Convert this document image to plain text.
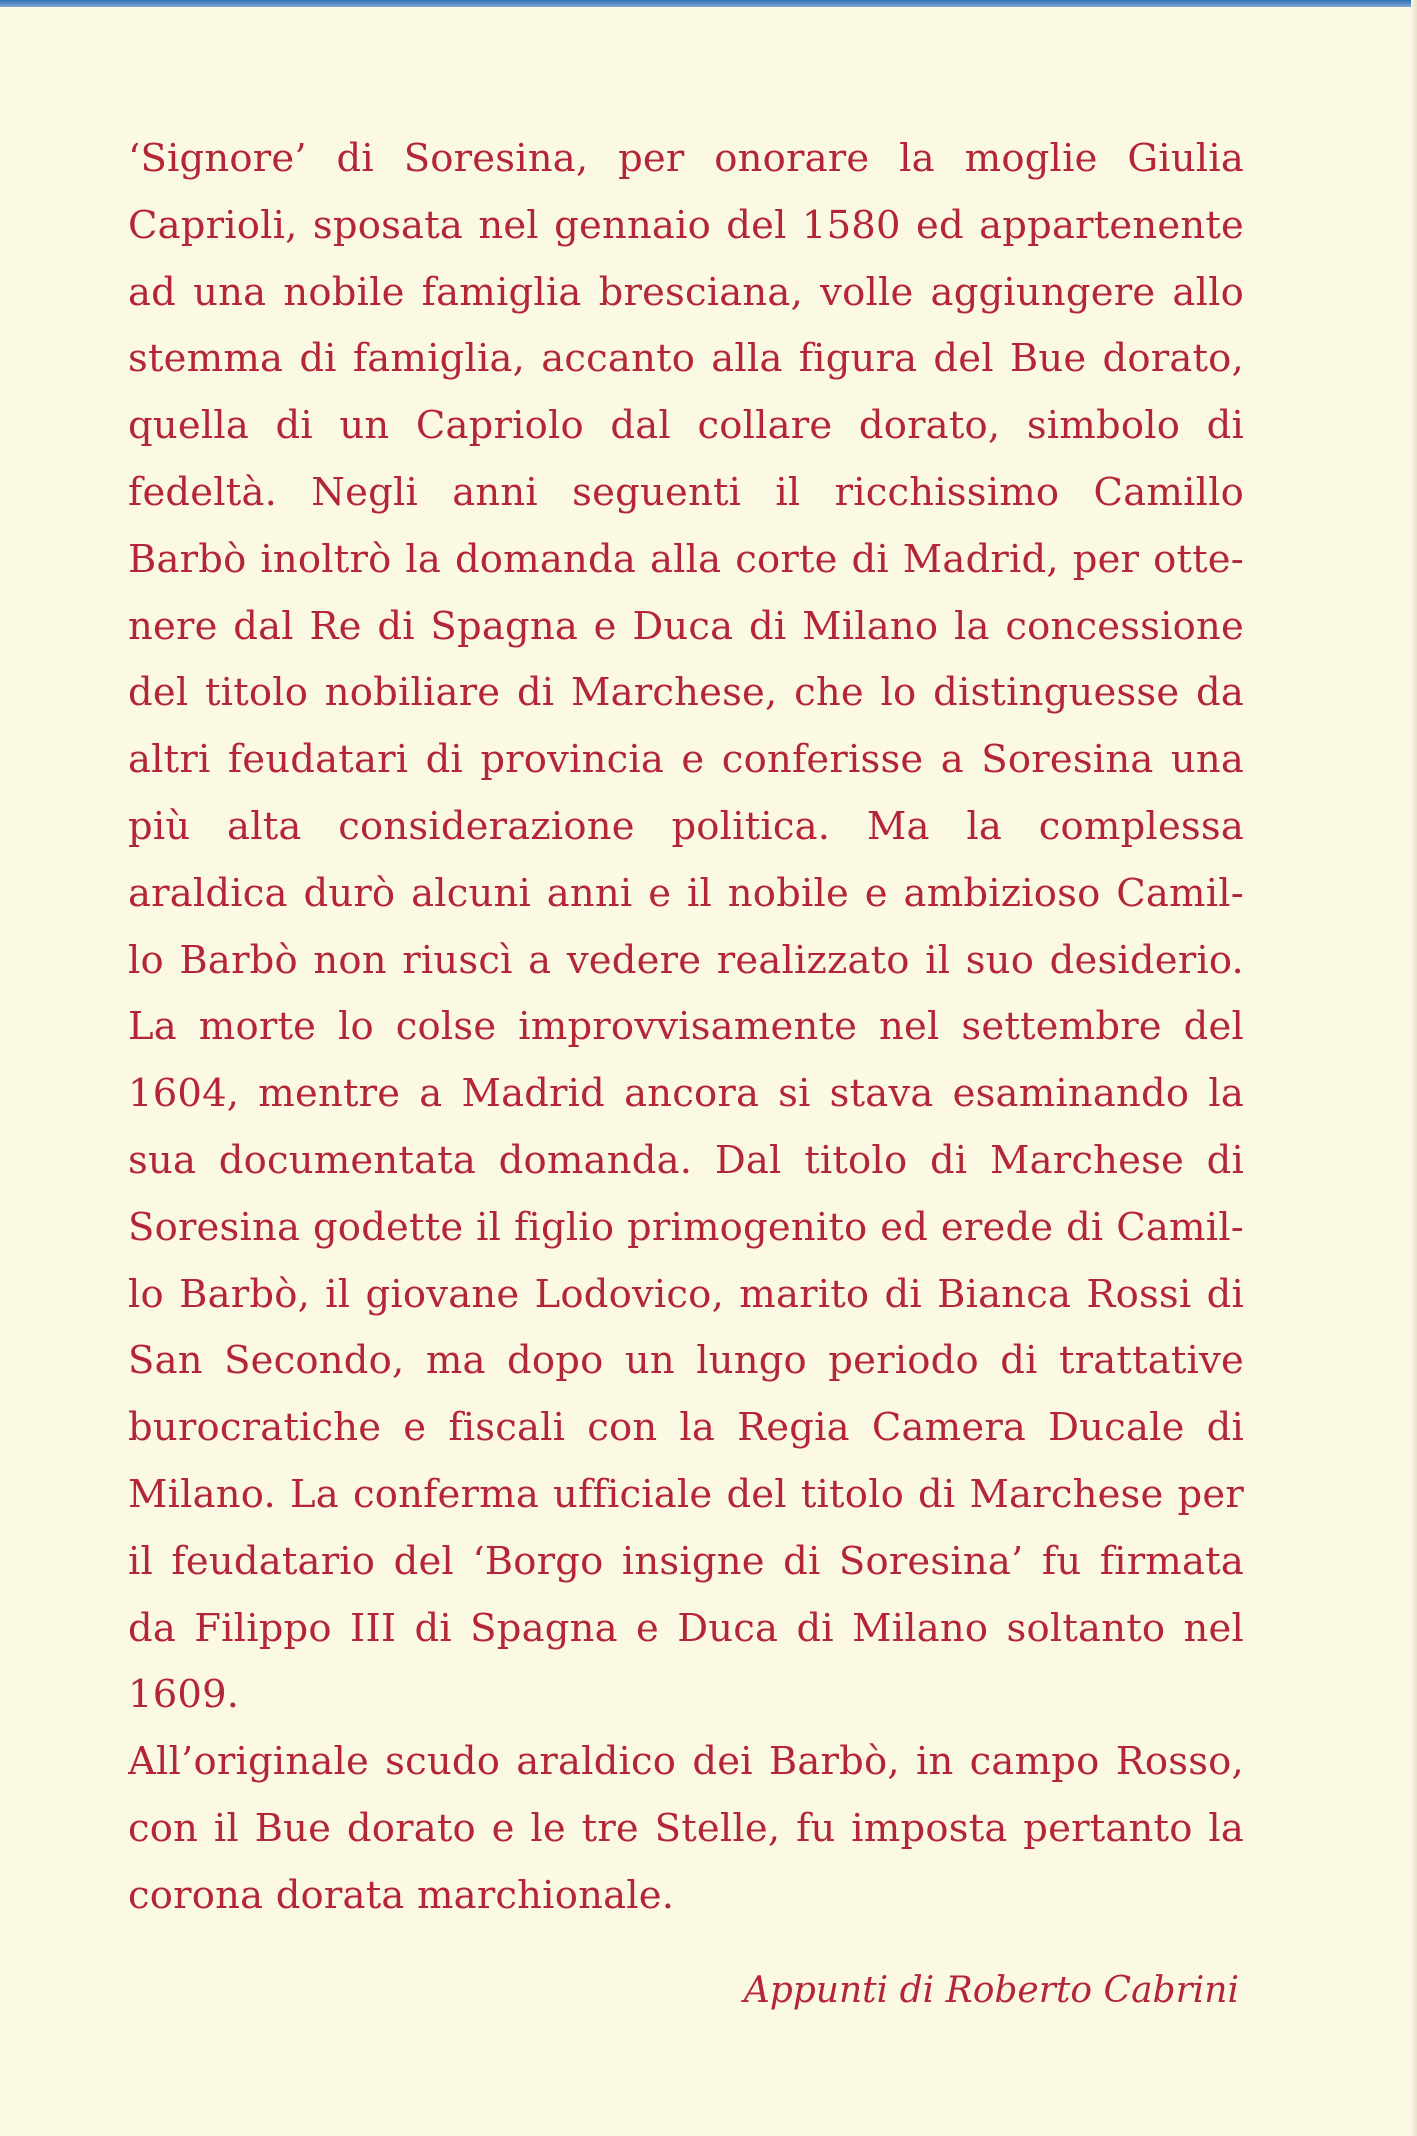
‘Signore’ di Soresina, per onorare la moglie Giulia
Caprioli, sposata nel gennaio del 1580 ed appartenente
ad una nobile famiglia bresciana, volle aggiungere allo
stemma di famiglia, accanto alla figura del Bue dorato,
quella di un Capriolo dal collare dorato, simbolo di
fedeltà. Negli anni seguenti il ricchissimo Camillo
Barbò inoltrò la domanda alla corte di Madrid, per otte-
nere dal Re di Spagna e Duca di Milano la concessione
del titolo nobiliare di Marchese, che lo distinguesse da
altri feudatari di provincia e conferisse a Soresina una
più alta considerazione politica. Ma la complessa
araldica durò alcuni anni e il nobile e ambizioso Camil-
lo Barbò non riuscì a vedere realizzato il suo desiderio.
La morte lo colse improvvisamente nel settembre del
1604, mentre a Madrid ancora si stava esaminando la
sua documentata domanda. Dal titolo di Marchese di
Soresina godette il figlio primogenito ed erede di Camil-
lo Barbò, il giovane Lodovico, marito di Bianca Rossi di
San Secondo, ma dopo un lungo periodo di trattative
burocratiche e fiscali con la Regia Camera Ducale di
Milano. La conferma ufficiale del titolo di Marchese per
il feudatario del ‘Borgo insigne di Soresina’ fu firmata
da Filippo III di Spagna e Duca di Milano soltanto nel
1609.
All’originale scudo araldico dei Barbò, in campo Rosso,
con il Bue dorato e le tre Stelle, fu imposta pertanto la
corona dorata marchionale.
Appunti di Roberto Cabrini
